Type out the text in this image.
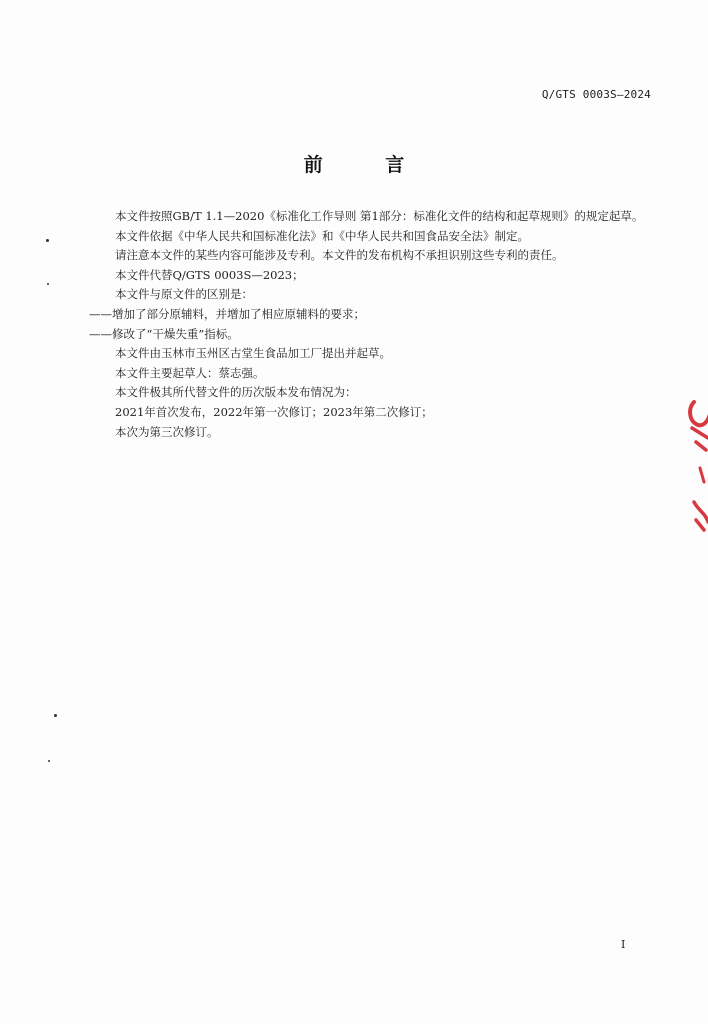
Q/GTS 0003S—2024
前 言

本文件按照GB/T 1.1—2020《标准化工作导则 第1部分：标准化文件的结构和起草规则》的规定起草。

本文件依据《中华人民共和国标准化法》和《中华人民共和国食品安全法》制定。

请注意本文件的某些内容可能涉及专利。本文件的发布机构不承担识别这些专利的责任。

本文件代替Q/GTS 0003S—2023；

本文件与原文件的区别是：

——增加了部分原辅料，并增加了相应原辅料的要求；

——修改了“干燥失重”指标。

本文件由玉林市玉州区古堂生食品加工厂提出并起草。

本文件主要起草人：蔡志强。

本文件极其所代替文件的历次版本发布情况为：

2021年首次发布，2022年第一次修订；2023年第二次修订；

本次为第三次修订。

I
